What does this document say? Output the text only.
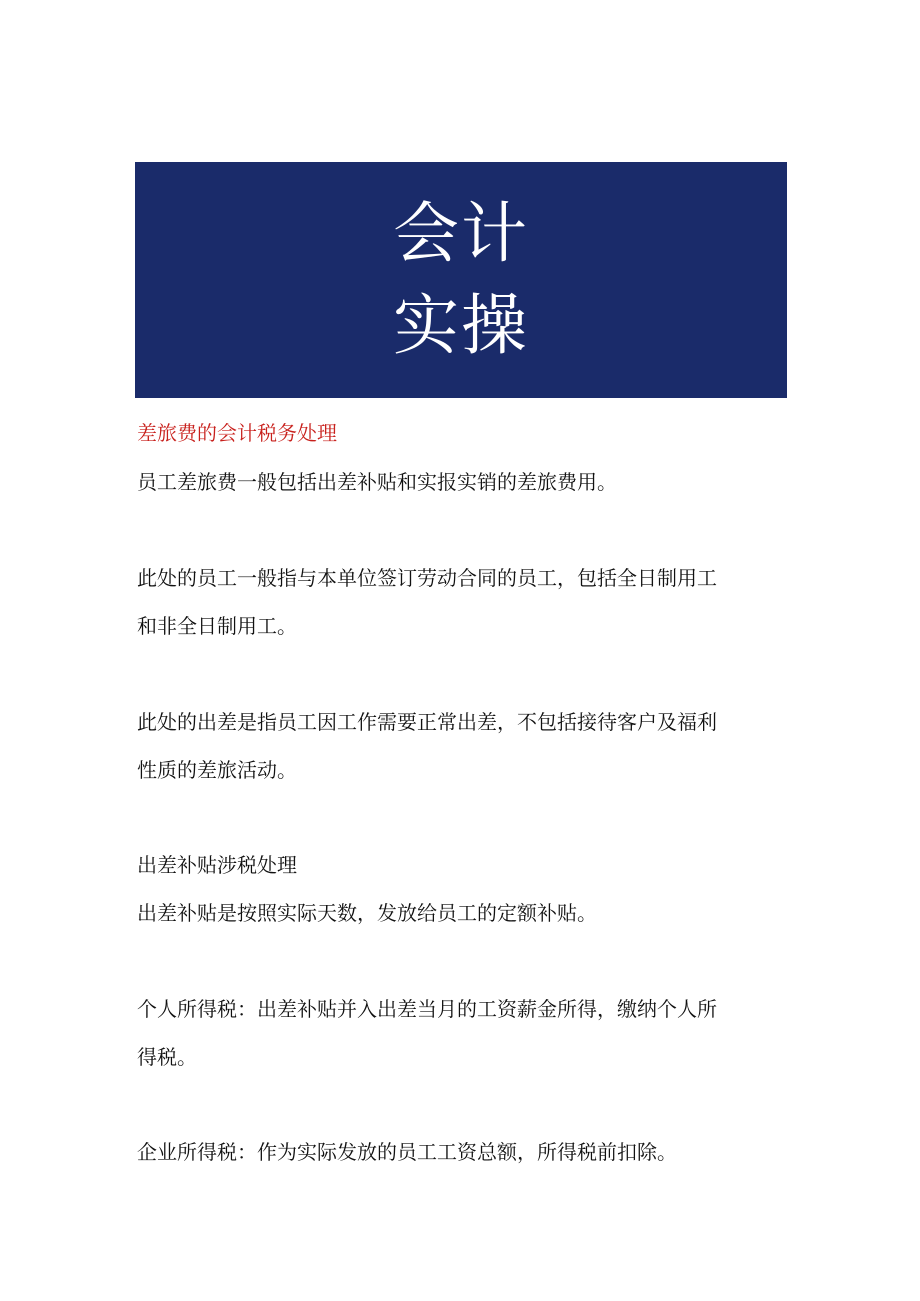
会计
实操
差旅费的会计税务处理
员工差旅费一般包括出差补贴和实报实销的差旅费用。
此处的员工一般指与本单位签订劳动合同的员工，包括全日制用工
和非全日制用工。
此处的出差是指员工因工作需要正常出差，不包括接待客户及福利
性质的差旅活动。
出差补贴涉税处理
出差补贴是按照实际天数，发放给员工的定额补贴。
个人所得税：出差补贴并入出差当月的工资薪金所得，缴纳个人所
得税。
企业所得税：作为实际发放的员工工资总额，所得税前扣除。
